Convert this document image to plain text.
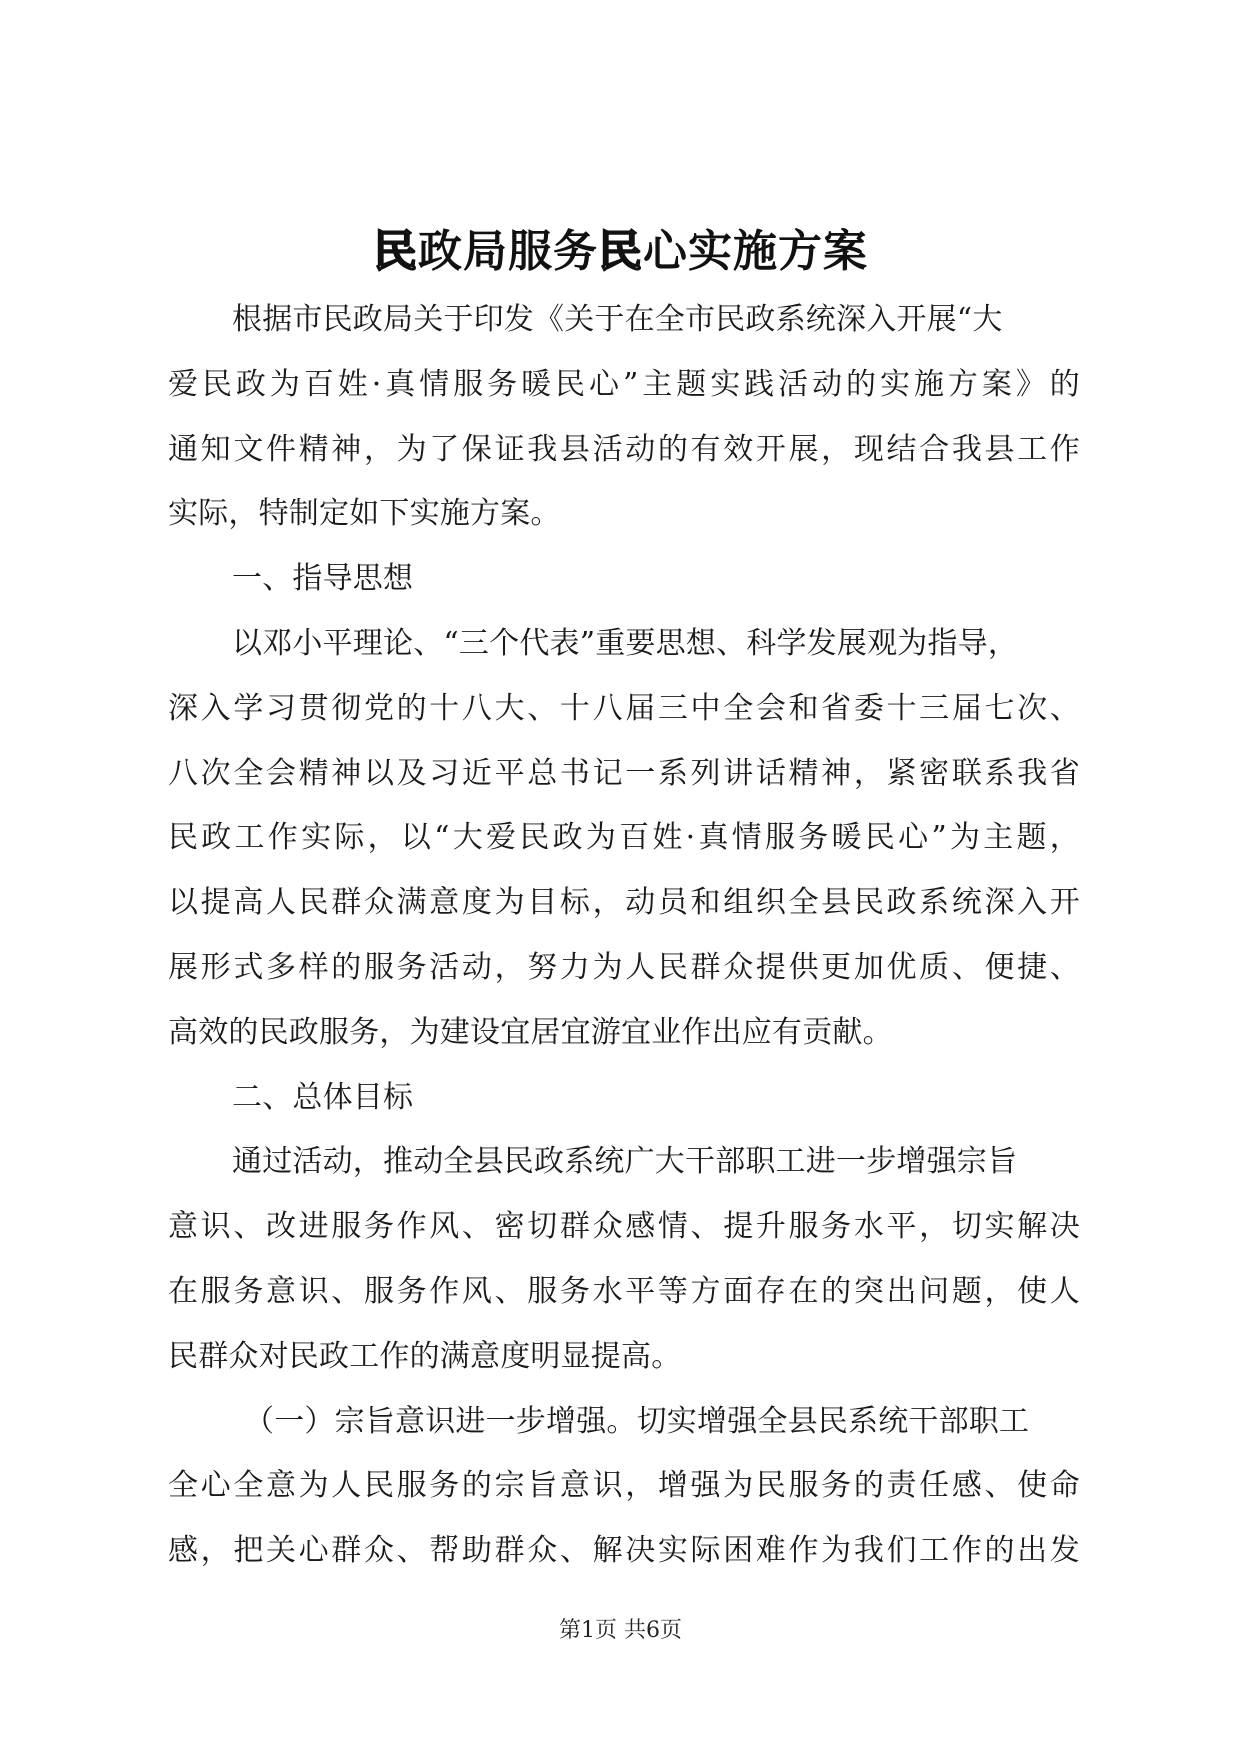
民政局服务民心实施方案
根据市民政局关于印发《关于在全市民政系统深入开展“大
爱民政为百姓·真情服务暖民心”主题实践活动的实施方案》的
通知文件精神，为了保证我县活动的有效开展，现结合我县工作
实际，特制定如下实施方案。
一、指导思想
以邓小平理论、“三个代表”重要思想、科学发展观为指导，
深入学习贯彻党的十八大、十八届三中全会和省委十三届七次、
八次全会精神以及习近平总书记一系列讲话精神，紧密联系我省
民政工作实际，以“大爱民政为百姓·真情服务暖民心”为主题，
以提高人民群众满意度为目标，动员和组织全县民政系统深入开
展形式多样的服务活动，努力为人民群众提供更加优质、便捷、
高效的民政服务，为建设宜居宜游宜业作出应有贡献。
二、总体目标
通过活动，推动全县民政系统广大干部职工进一步增强宗旨
意识、改进服务作风、密切群众感情、提升服务水平，切实解决
在服务意识、服务作风、服务水平等方面存在的突出问题，使人
民群众对民政工作的满意度明显提高。
（一）宗旨意识进一步增强。切实增强全县民系统干部职工
全心全意为人民服务的宗旨意识，增强为民服务的责任感、使命
感，把关心群众、帮助群众、解决实际困难作为我们工作的出发
第1页 共6页
